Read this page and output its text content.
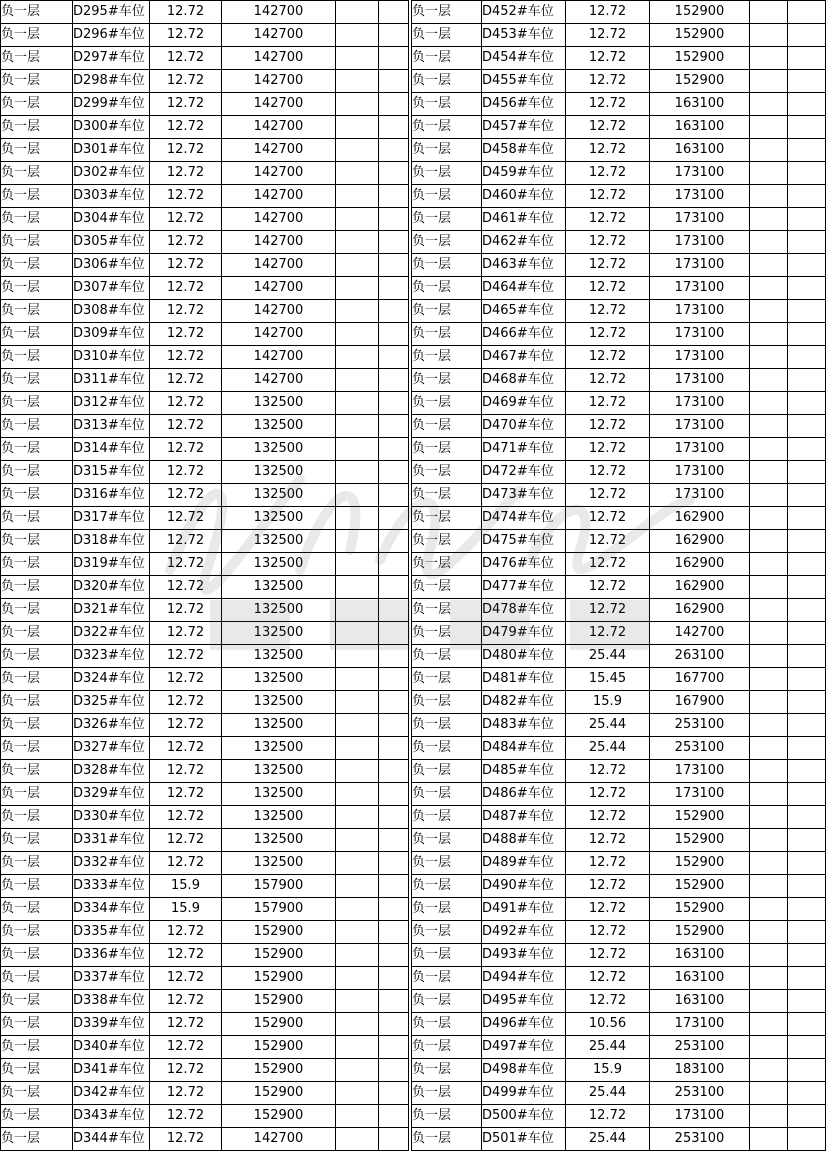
负一层	D295#车位	12.72	142700		
负一层	D296#车位	12.72	142700		
负一层	D297#车位	12.72	142700		
负一层	D298#车位	12.72	142700		
负一层	D299#车位	12.72	142700		
负一层	D300#车位	12.72	142700		
负一层	D301#车位	12.72	142700		
负一层	D302#车位	12.72	142700		
负一层	D303#车位	12.72	142700		
负一层	D304#车位	12.72	142700		
负一层	D305#车位	12.72	142700		
负一层	D306#车位	12.72	142700		
负一层	D307#车位	12.72	142700		
负一层	D308#车位	12.72	142700		
负一层	D309#车位	12.72	142700		
负一层	D310#车位	12.72	142700		
负一层	D311#车位	12.72	142700		
负一层	D312#车位	12.72	132500		
负一层	D313#车位	12.72	132500		
负一层	D314#车位	12.72	132500		
负一层	D315#车位	12.72	132500		
负一层	D316#车位	12.72	132500		
负一层	D317#车位	12.72	132500		
负一层	D318#车位	12.72	132500		
负一层	D319#车位	12.72	132500		
负一层	D320#车位	12.72	132500		
负一层	D321#车位	12.72	132500		
负一层	D322#车位	12.72	132500		
负一层	D323#车位	12.72	132500		
负一层	D324#车位	12.72	132500		
负一层	D325#车位	12.72	132500		
负一层	D326#车位	12.72	132500		
负一层	D327#车位	12.72	132500		
负一层	D328#车位	12.72	132500		
负一层	D329#车位	12.72	132500		
负一层	D330#车位	12.72	132500		
负一层	D331#车位	12.72	132500		
负一层	D332#车位	12.72	132500		
负一层	D333#车位	15.9	157900		
负一层	D334#车位	15.9	157900		
负一层	D335#车位	12.72	152900		
负一层	D336#车位	12.72	152900		
负一层	D337#车位	12.72	152900		
负一层	D338#车位	12.72	152900		
负一层	D339#车位	12.72	152900		
负一层	D340#车位	12.72	152900		
负一层	D341#车位	12.72	152900		
负一层	D342#车位	12.72	152900		
负一层	D343#车位	12.72	152900		
负一层	D344#车位	12.72	142700		
负一层	D452#车位	12.72	152900		
负一层	D453#车位	12.72	152900		
负一层	D454#车位	12.72	152900		
负一层	D455#车位	12.72	152900		
负一层	D456#车位	12.72	163100		
负一层	D457#车位	12.72	163100		
负一层	D458#车位	12.72	163100		
负一层	D459#车位	12.72	173100		
负一层	D460#车位	12.72	173100		
负一层	D461#车位	12.72	173100		
负一层	D462#车位	12.72	173100		
负一层	D463#车位	12.72	173100		
负一层	D464#车位	12.72	173100		
负一层	D465#车位	12.72	173100		
负一层	D466#车位	12.72	173100		
负一层	D467#车位	12.72	173100		
负一层	D468#车位	12.72	173100		
负一层	D469#车位	12.72	173100		
负一层	D470#车位	12.72	173100		
负一层	D471#车位	12.72	173100		
负一层	D472#车位	12.72	173100		
负一层	D473#车位	12.72	173100		
负一层	D474#车位	12.72	162900		
负一层	D475#车位	12.72	162900		
负一层	D476#车位	12.72	162900		
负一层	D477#车位	12.72	162900		
负一层	D478#车位	12.72	162900		
负一层	D479#车位	12.72	142700		
负一层	D480#车位	25.44	263100		
负一层	D481#车位	15.45	167700		
负一层	D482#车位	15.9	167900		
负一层	D483#车位	25.44	253100		
负一层	D484#车位	25.44	253100		
负一层	D485#车位	12.72	173100		
负一层	D486#车位	12.72	173100		
负一层	D487#车位	12.72	152900		
负一层	D488#车位	12.72	152900		
负一层	D489#车位	12.72	152900		
负一层	D490#车位	12.72	152900		
负一层	D491#车位	12.72	152900		
负一层	D492#车位	12.72	152900		
负一层	D493#车位	12.72	163100		
负一层	D494#车位	12.72	163100		
负一层	D495#车位	12.72	163100		
负一层	D496#车位	10.56	173100		
负一层	D497#车位	25.44	253100		
负一层	D498#车位	15.9	183100		
负一层	D499#车位	25.44	253100		
负一层	D500#车位	12.72	173100		
负一层	D501#车位	25.44	253100		
